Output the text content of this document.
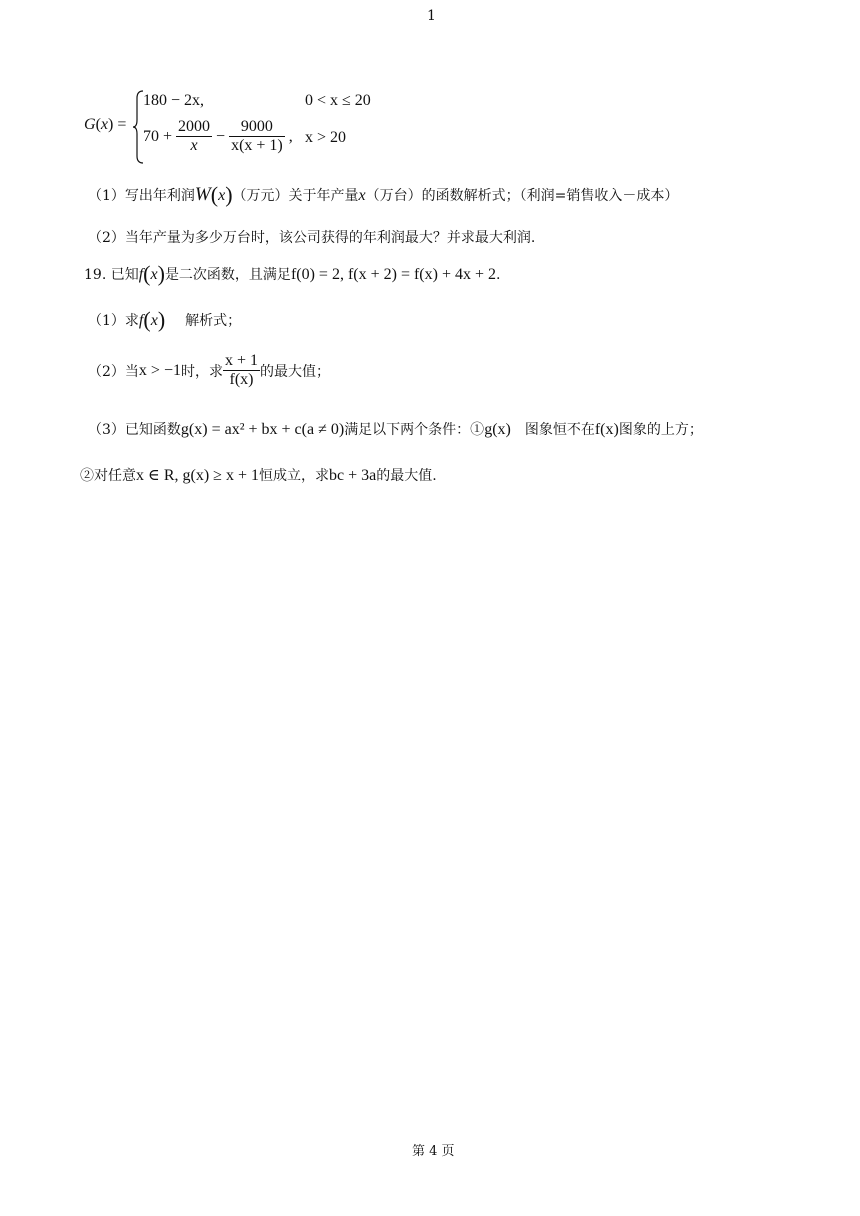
1
G(x) =
180 − 2x,	0 < x ≤ 20
$70 + \frac{2000}{x} - \frac{9000}{x(x + 1)}$ , x > 20
（1）写出年利润W(x)（万元）关于年产量x（万台）的函数解析式；（利润=销售收入－成本）
（2）当年产量为多少万台时，该公司获得的年利润最大？并求最大利润.
19. 已知f(x)是二次函数，且满足f(0) = 2, f(x + 2) = f(x) + 4x + 2.
（1）求f(x) 解析式；
（2）当x > −1时，求 $\frac{x + 1}{f(x)}$ 的最大值；
（3）已知函数g(x) = ax² + bx + c(a ≠ 0)满足以下两个条件：①g(x) 图象恒不在f(x)图象的上方；
②对任意x ∈ R, g(x) ≥ x + 1恒成立，求bc + 3a的最大值.
第 4 页
